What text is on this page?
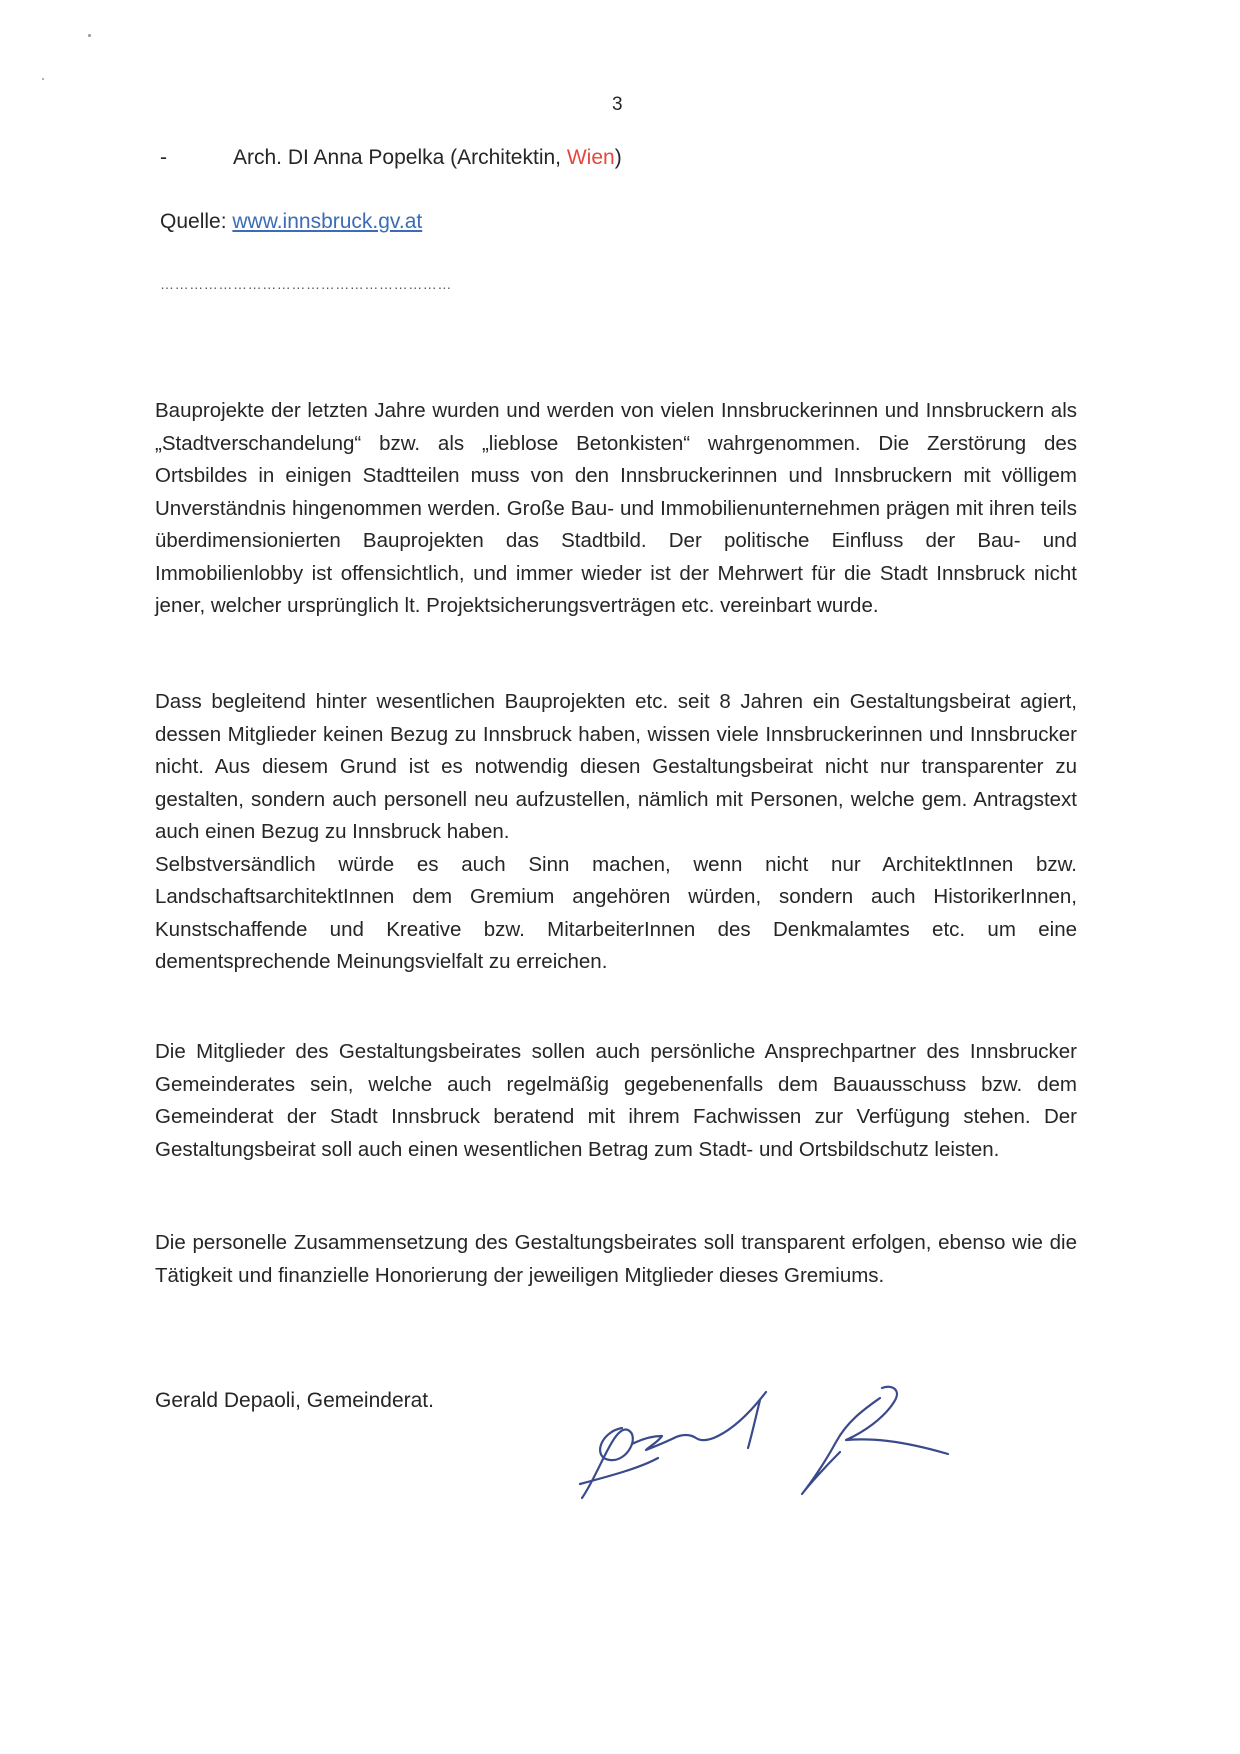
3
-	Arch. DI Anna Popelka (Architektin, Wien)
Quelle: www.innsbruck.gv.at
……………………………………………………

Bauprojekte der letzten Jahre wurden und werden von vielen Innsbruckerinnen und Innsbruckern als „Stadtverschandelung“ bzw. als „lieblose Betonkisten“ wahrgenommen. Die Zerstörung des Ortsbildes in einigen Stadtteilen muss von den Innsbruckerinnen und Innsbruckern mit völligem Unverständnis hingenommen werden. Große Bau- und Immobilienunternehmen prägen mit ihren teils überdimensionierten Bauprojekten das Stadtbild. Der politische Einfluss der Bau- und Immobilienlobby ist offensichtlich, und immer wieder ist der Mehrwert für die Stadt Innsbruck nicht jener, welcher ursprünglich lt. Projektsicherungsverträgen etc. vereinbart wurde.

Dass begleitend hinter wesentlichen Bauprojekten etc. seit 8 Jahren ein Gestaltungsbeirat agiert, dessen Mitglieder keinen Bezug zu Innsbruck haben, wissen viele Innsbruckerinnen und Innsbrucker nicht. Aus diesem Grund ist es notwendig diesen Gestaltungsbeirat nicht nur transparenter zu gestalten, sondern auch personell neu aufzustellen, nämlich mit Personen, welche gem. Antragstext auch einen Bezug zu Innsbruck haben.
Selbstversändlich würde es auch Sinn machen, wenn nicht nur ArchitektInnen bzw. LandschaftsarchitektInnen dem Gremium angehören würden, sondern auch HistorikerInnen, Kunstschaffende und Kreative bzw. MitarbeiterInnen des Denkmalamtes etc. um eine dementsprechende Meinungsvielfalt zu erreichen.

Die Mitglieder des Gestaltungsbeirates sollen auch persönliche Ansprechpartner des Innsbrucker Gemeinderates sein, welche auch regelmäßig gegebenenfalls dem Bauausschuss bzw. dem Gemeinderat der Stadt Innsbruck beratend mit ihrem Fachwissen zur Verfügung stehen. Der Gestaltungsbeirat soll auch einen wesentlichen Betrag zum Stadt- und Ortsbildschutz leisten.

Die personelle Zusammensetzung des Gestaltungsbeirates soll transparent erfolgen, ebenso wie die Tätigkeit und finanzielle Honorierung der jeweiligen Mitglieder dieses Gremiums.

Gerald Depaoli, Gemeinderat.
